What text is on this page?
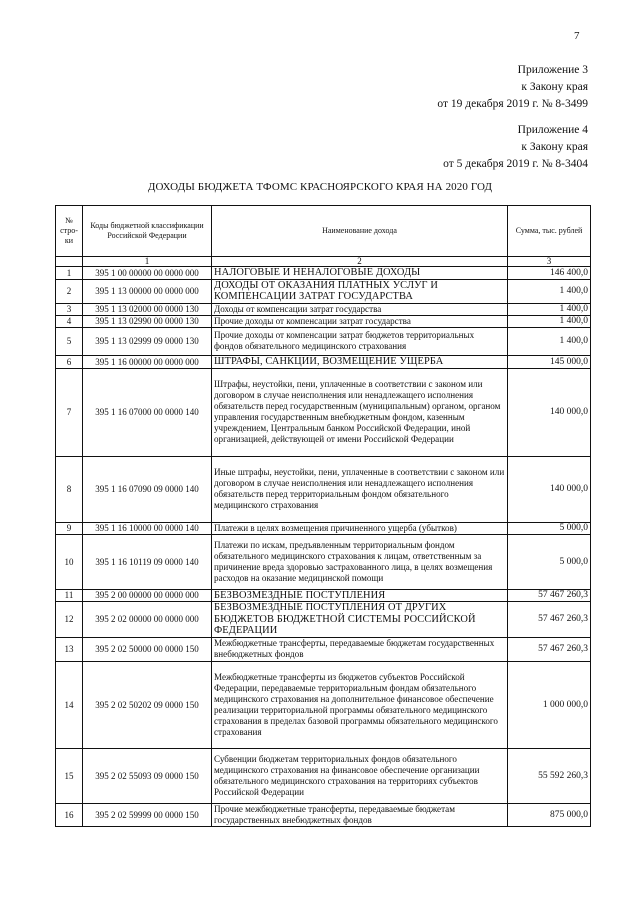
7
Приложение 3
к Закону края
от 19 декабря 2019 г. № 8-3499
Приложение 4
к Закону края
от 5 декабря 2019 г. № 8-3404
ДОХОДЫ БЮДЖЕТА ТФОМС КРАСНОЯРСКОГО КРАЯ НА 2020 ГОД
№ стро-ки	Коды бюджетной классификации Российской Федерации	Наименование дохода	Сумма, тыс. рублей
	1	2	3
1	395 1 00 00000 00 0000 000	НАЛОГОВЫЕ И НЕНАЛОГОВЫЕ ДОХОДЫ	146 400,0
2	395 1 13 00000 00 0000 000	ДОХОДЫ ОТ ОКАЗАНИЯ ПЛАТНЫХ УСЛУГ И КОМПЕНСАЦИИ ЗАТРАТ ГОСУДАРСТВА	1 400,0
3	395 1 13 02000 00 0000 130	Доходы от компенсации затрат государства	1 400,0
4	395 1 13 02990 00 0000 130	Прочие доходы от компенсации затрат государства	1 400,0
5	395 1 13 02999 09 0000 130	Прочие доходы от компенсации затрат бюджетов территориальных фондов обязательного медицинского страхования	1 400,0
6	395 1 16 00000 00 0000 000	ШТРАФЫ, САНКЦИИ, ВОЗМЕЩЕНИЕ УЩЕРБА	145 000,0
7	395 1 16 07000 00 0000 140	Штрафы, неустойки, пени, уплаченные в соответствии с законом или договором в случае неисполнения или ненадлежащего исполнения обязательств перед государственным (муниципальным) органом, органом управления государственным внебюджетным фондом, казенным учреждением, Центральным банком Российской Федерации, иной организацией, действующей от имени Российской Федерации	140 000,0
8	395 1 16 07090 09 0000 140	Иные штрафы, неустойки, пени, уплаченные в соответствии с законом или договором в случае неисполнения или ненадлежащего исполнения обязательств перед территориальным фондом обязательного медицинского страхования	140 000,0
9	395 1 16 10000 00 0000 140	Платежи в целях возмещения причиненного ущерба (убытков)	5 000,0
10	395 1 16 10119 09 0000 140	Платежи по искам, предъявленным территориальным фондом обязательного медицинского страхования к лицам, ответственным за причинение вреда здоровью застрахованного лица, в целях возмещения расходов на оказание медицинской помощи	5 000,0
11	395 2 00 00000 00 0000 000	БЕЗВОЗМЕЗДНЫЕ ПОСТУПЛЕНИЯ	57 467 260,3
12	395 2 02 00000 00 0000 000	БЕЗВОЗМЕЗДНЫЕ ПОСТУПЛЕНИЯ ОТ ДРУГИХ БЮДЖЕТОВ БЮДЖЕТНОЙ СИСТЕМЫ РОССИЙСКОЙ ФЕДЕРАЦИИ	57 467 260,3
13	395 2 02 50000 00 0000 150	Межбюджетные трансферты, передаваемые бюджетам государственных внебюджетных фондов	57 467 260,3
14	395 2 02 50202 09 0000 150	Межбюджетные трансферты из бюджетов субъектов Российской Федерации, передаваемые территориальным фондам обязательного медицинского страхования на дополнительное финансовое обеспечение реализации территориальной программы обязательного медицинского страхования в пределах базовой программы обязательного медицинского страхования	1 000 000,0
15	395 2 02 55093 09 0000 150	Субвенции бюджетам территориальных фондов обязательного медицинского страхования на финансовое обеспечение организации обязательного медицинского страхования на территориях субъектов Российской Федерации	55 592 260,3
16	395 2 02 59999 00 0000 150	Прочие межбюджетные трансферты, передаваемые бюджетам государственных внебюджетных фондов	875 000,0
